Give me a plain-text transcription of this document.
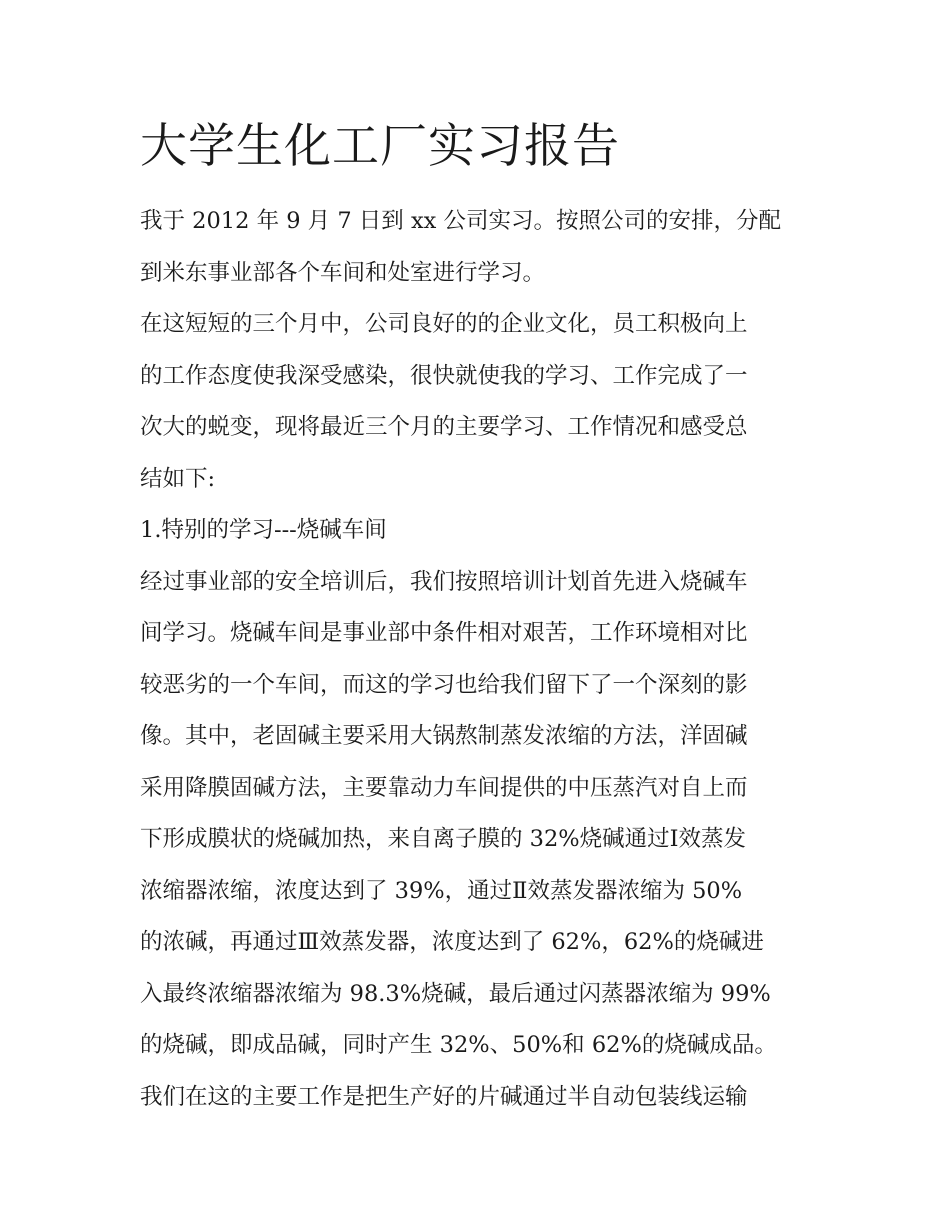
大学生化工厂实习报告
我于 2012 年 9 月 7 日到 xx 公司实习。按照公司的安排，分配
到米东事业部各个车间和处室进行学习。
在这短短的三个月中，公司良好的的企业文化，员工积极向上
的工作态度使我深受感染，很快就使我的学习、工作完成了一
次大的蜕变，现将最近三个月的主要学习、工作情况和感受总
结如下:
1.特别的学习---烧碱车间
经过事业部的安全培训后，我们按照培训计划首先进入烧碱车
间学习。烧碱车间是事业部中条件相对艰苦，工作环境相对比
较恶劣的一个车间，而这的学习也给我们留下了一个深刻的影
像。其中，老固碱主要采用大锅熬制蒸发浓缩的方法，洋固碱
采用降膜固碱方法，主要靠动力车间提供的中压蒸汽对自上而
下形成膜状的烧碱加热，来自离子膜的 32%烧碱通过Ⅰ效蒸发
浓缩器浓缩，浓度达到了 39%，通过Ⅱ效蒸发器浓缩为 50%
的浓碱，再通过Ⅲ效蒸发器，浓度达到了 62%，62%的烧碱进
入最终浓缩器浓缩为 98.3%烧碱，最后通过闪蒸器浓缩为 99%
的烧碱，即成品碱，同时产生 32%、50%和 62%的烧碱成品。
我们在这的主要工作是把生产好的片碱通过半自动包装线运输
